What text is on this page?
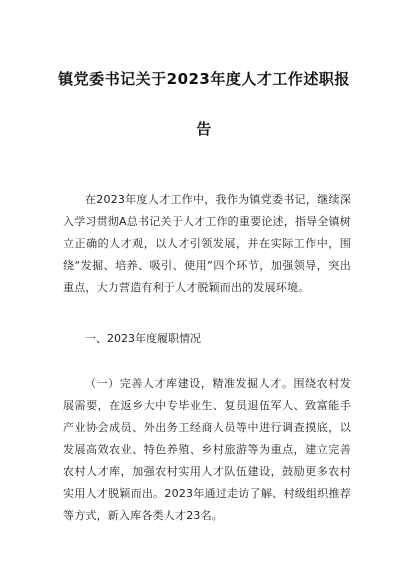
镇党委书记关于2023年度人才工作述职报
告

在2023年度人才工作中，我作为镇党委书记，继续深入学习贯彻A总书记关于人才工作的重要论述，指导全镇树立正确的人才观，以人才引领发展，并在实际工作中，围绕“发掘、培养、吸引、使用”四个环节，加强领导，突出重点，大力营造有利于人才脱颖而出的发展环境。

一、2023年度履职情况

（一）完善人才库建设，精准发掘人才。围绕农村发展需要，在返乡大中专毕业生、复员退伍军人、致富能手产业协会成员、外出务工经商人员等中进行调查摸底，以发展高效农业、特色养殖、乡村旅游等为重点，建立完善农村人才库，加强农村实用人才队伍建设，鼓励更多农村实用人才脱颖而出。2023年通过走访了解、村级组织推荐等方式，新入库各类人才23名。
